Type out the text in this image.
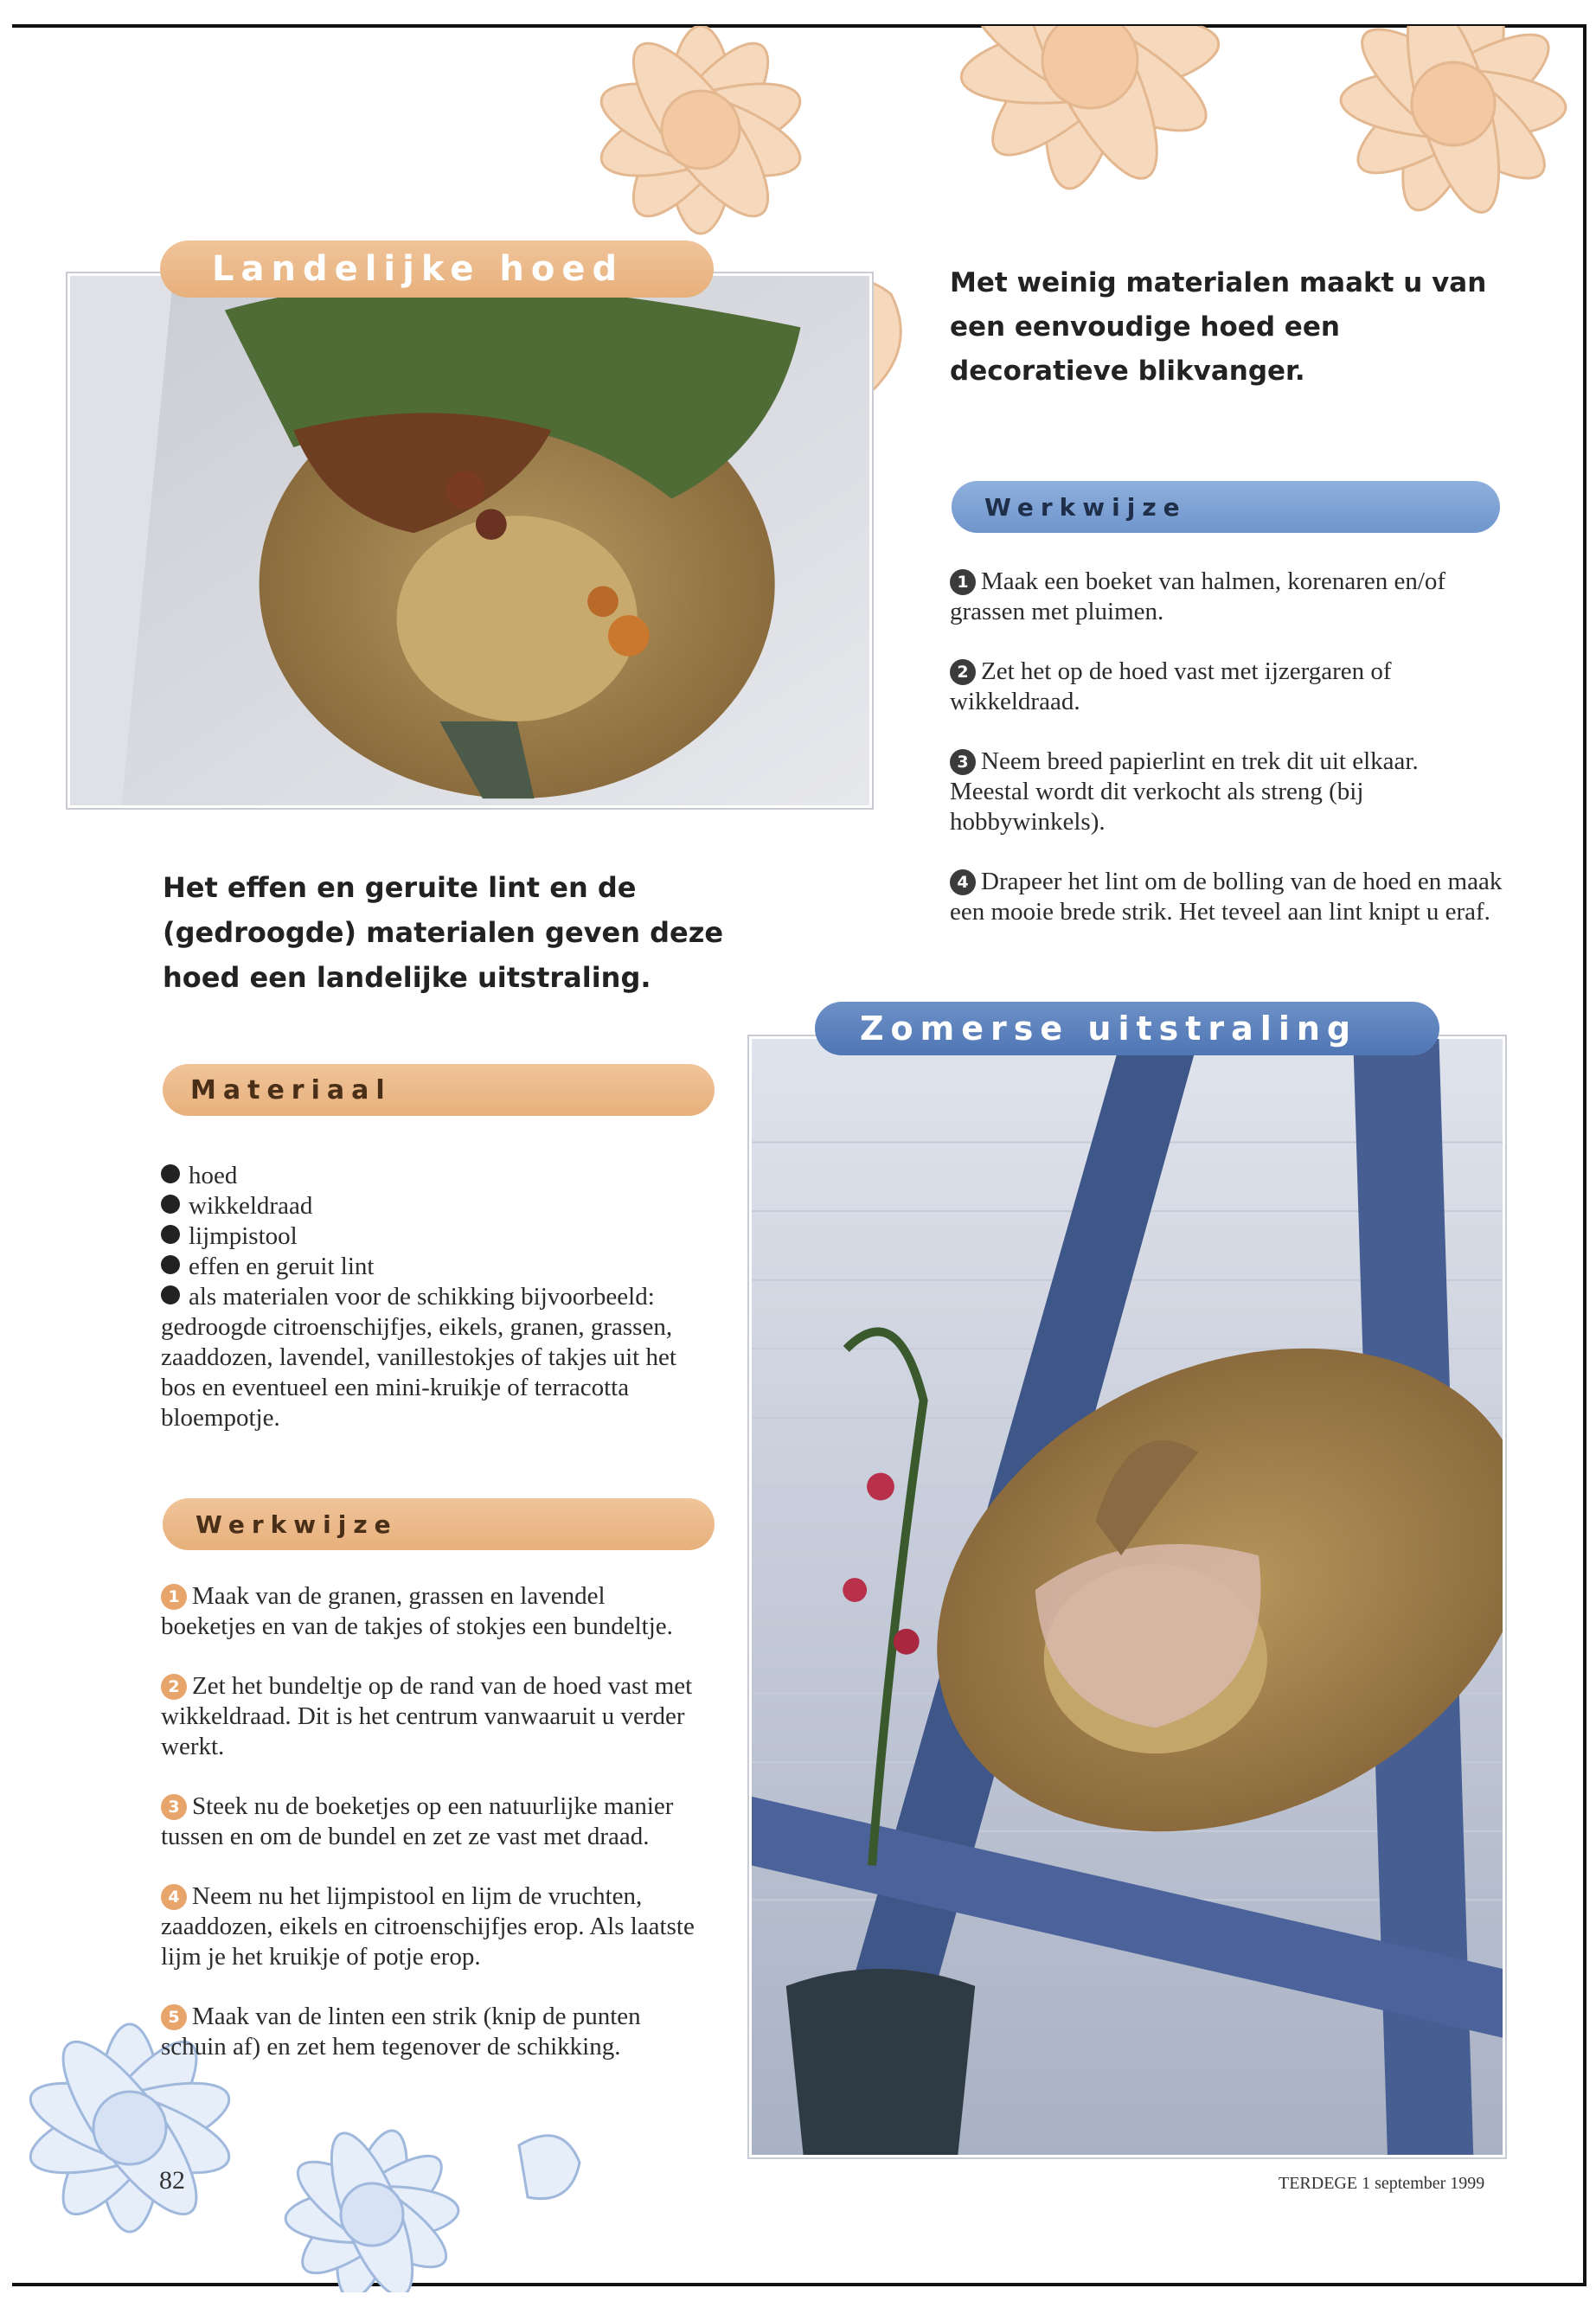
Landelijke hoed	Met weinig materialen maakt u van een eenvoudige hoed een decoratieve blikvanger.
Werkwijze

1 Maak een boeket van halmen, korenaren en/of grassen met pluimen.

2 Zet het op de hoed vast met ijzergaren of wikkeldraad.

3 Neem breed papierlint en trek dit uit elkaar. Meestal wordt dit verkocht als streng (bij hobbywinkels).

4 Drapeer het lint om de bolling van de hoed en maak een mooie brede strik. Het teveel aan lint knipt u eraf.

Het effen en geruite lint en de (gedroogde) materialen geven deze hoed een landelijke uitstraling.
Materiaal
hoed
wikkeldraad
lijmpistool
effen en geruit lint
als materialen voor de schikking bijvoorbeeld: gedroogde citroenschijfjes, eikels, granen, grassen, zaaddozen, lavendel, vanillestokjes of takjes uit het bos en eventueel een mini-kruikje of terracotta bloempotje.
Werkwijze

1 Maak van de granen, grassen en lavendel boeketjes en van de takjes of stokjes een bundeltje.

2 Zet het bundeltje op de rand van de hoed vast met wikkeldraad. Dit is het centrum vanwaaruit u verder werkt.

3 Steek nu de boeketjes op een natuurlijke manier tussen en om de bundel en zet ze vast met draad.

4 Neem nu het lijmpistool en lijm de vruchten, zaaddozen, eikels en citroenschijfjes erop. Als laatste lijm je het kruikje of potje erop.

5 Maak van de linten een strik (knip de punten schuin af) en zet hem tegenover de schikking.

Zomerse uitstraling
82	TERDEGE 1 september 1999
